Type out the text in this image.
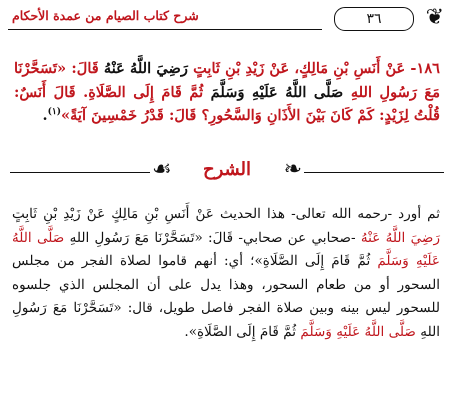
شرح كتاب الصيام من عمدة الأحكام	٣٦	❦
١٨٦- عَنْ أَنَسِ بْنِ مَالِكٍ، عَنْ زَيْدِ بْنِ ثَابِتٍ رَضِيَ اللَّهُ عَنْهُ قَالَ: «تَسَحَّرْنَا مَعَ رَسُولِ اللهِ صَلَّى اللَّهُ عَلَيْهِ وَسَلَّمَ ثُمَّ قَامَ إِلَى الصَّلَاةِ. قَالَ أَنَسٌ: قُلْتُ لِزَيْدٍ: كَمْ كَانَ بَيْنَ الأَذَانِ وَالسَّحُورِ؟ قَالَ: قَدْرُ خَمْسِينَ آيَةً»$^{(١)}$.
❧
الشرح
☙
ثم أورد -رحمه الله تعالى- هذا الحديث عَنْ أَنَسِ بْنِ مَالِكٍ عَنْ زَيْدِ بْنِ ثَابِتٍ رَضِيَ اللَّهُ عَنْهُ -صحابي عن صحابي- قَالَ: «تَسَحَّرْنَا مَعَ رَسُولِ اللهِ صَلَّى اللَّهُ عَلَيْهِ وَسَلَّمَ ثُمَّ قَامَ إِلَى الصَّلَاةِ»؛ أي: أنهم قاموا لصلاة الفجر من مجلس السحور أو من طعام السحور، وهذا يدل على أن المجلس الذي جلسوه للسحور ليس بينه وبين صلاة الفجر فاصل طويل، قال: «تَسَحَّرْنَا مَعَ رَسُولِ اللهِ صَلَّى اللَّهُ عَلَيْهِ وَسَلَّمَ ثُمَّ قَامَ إِلَى الصَّلَاةِ».
